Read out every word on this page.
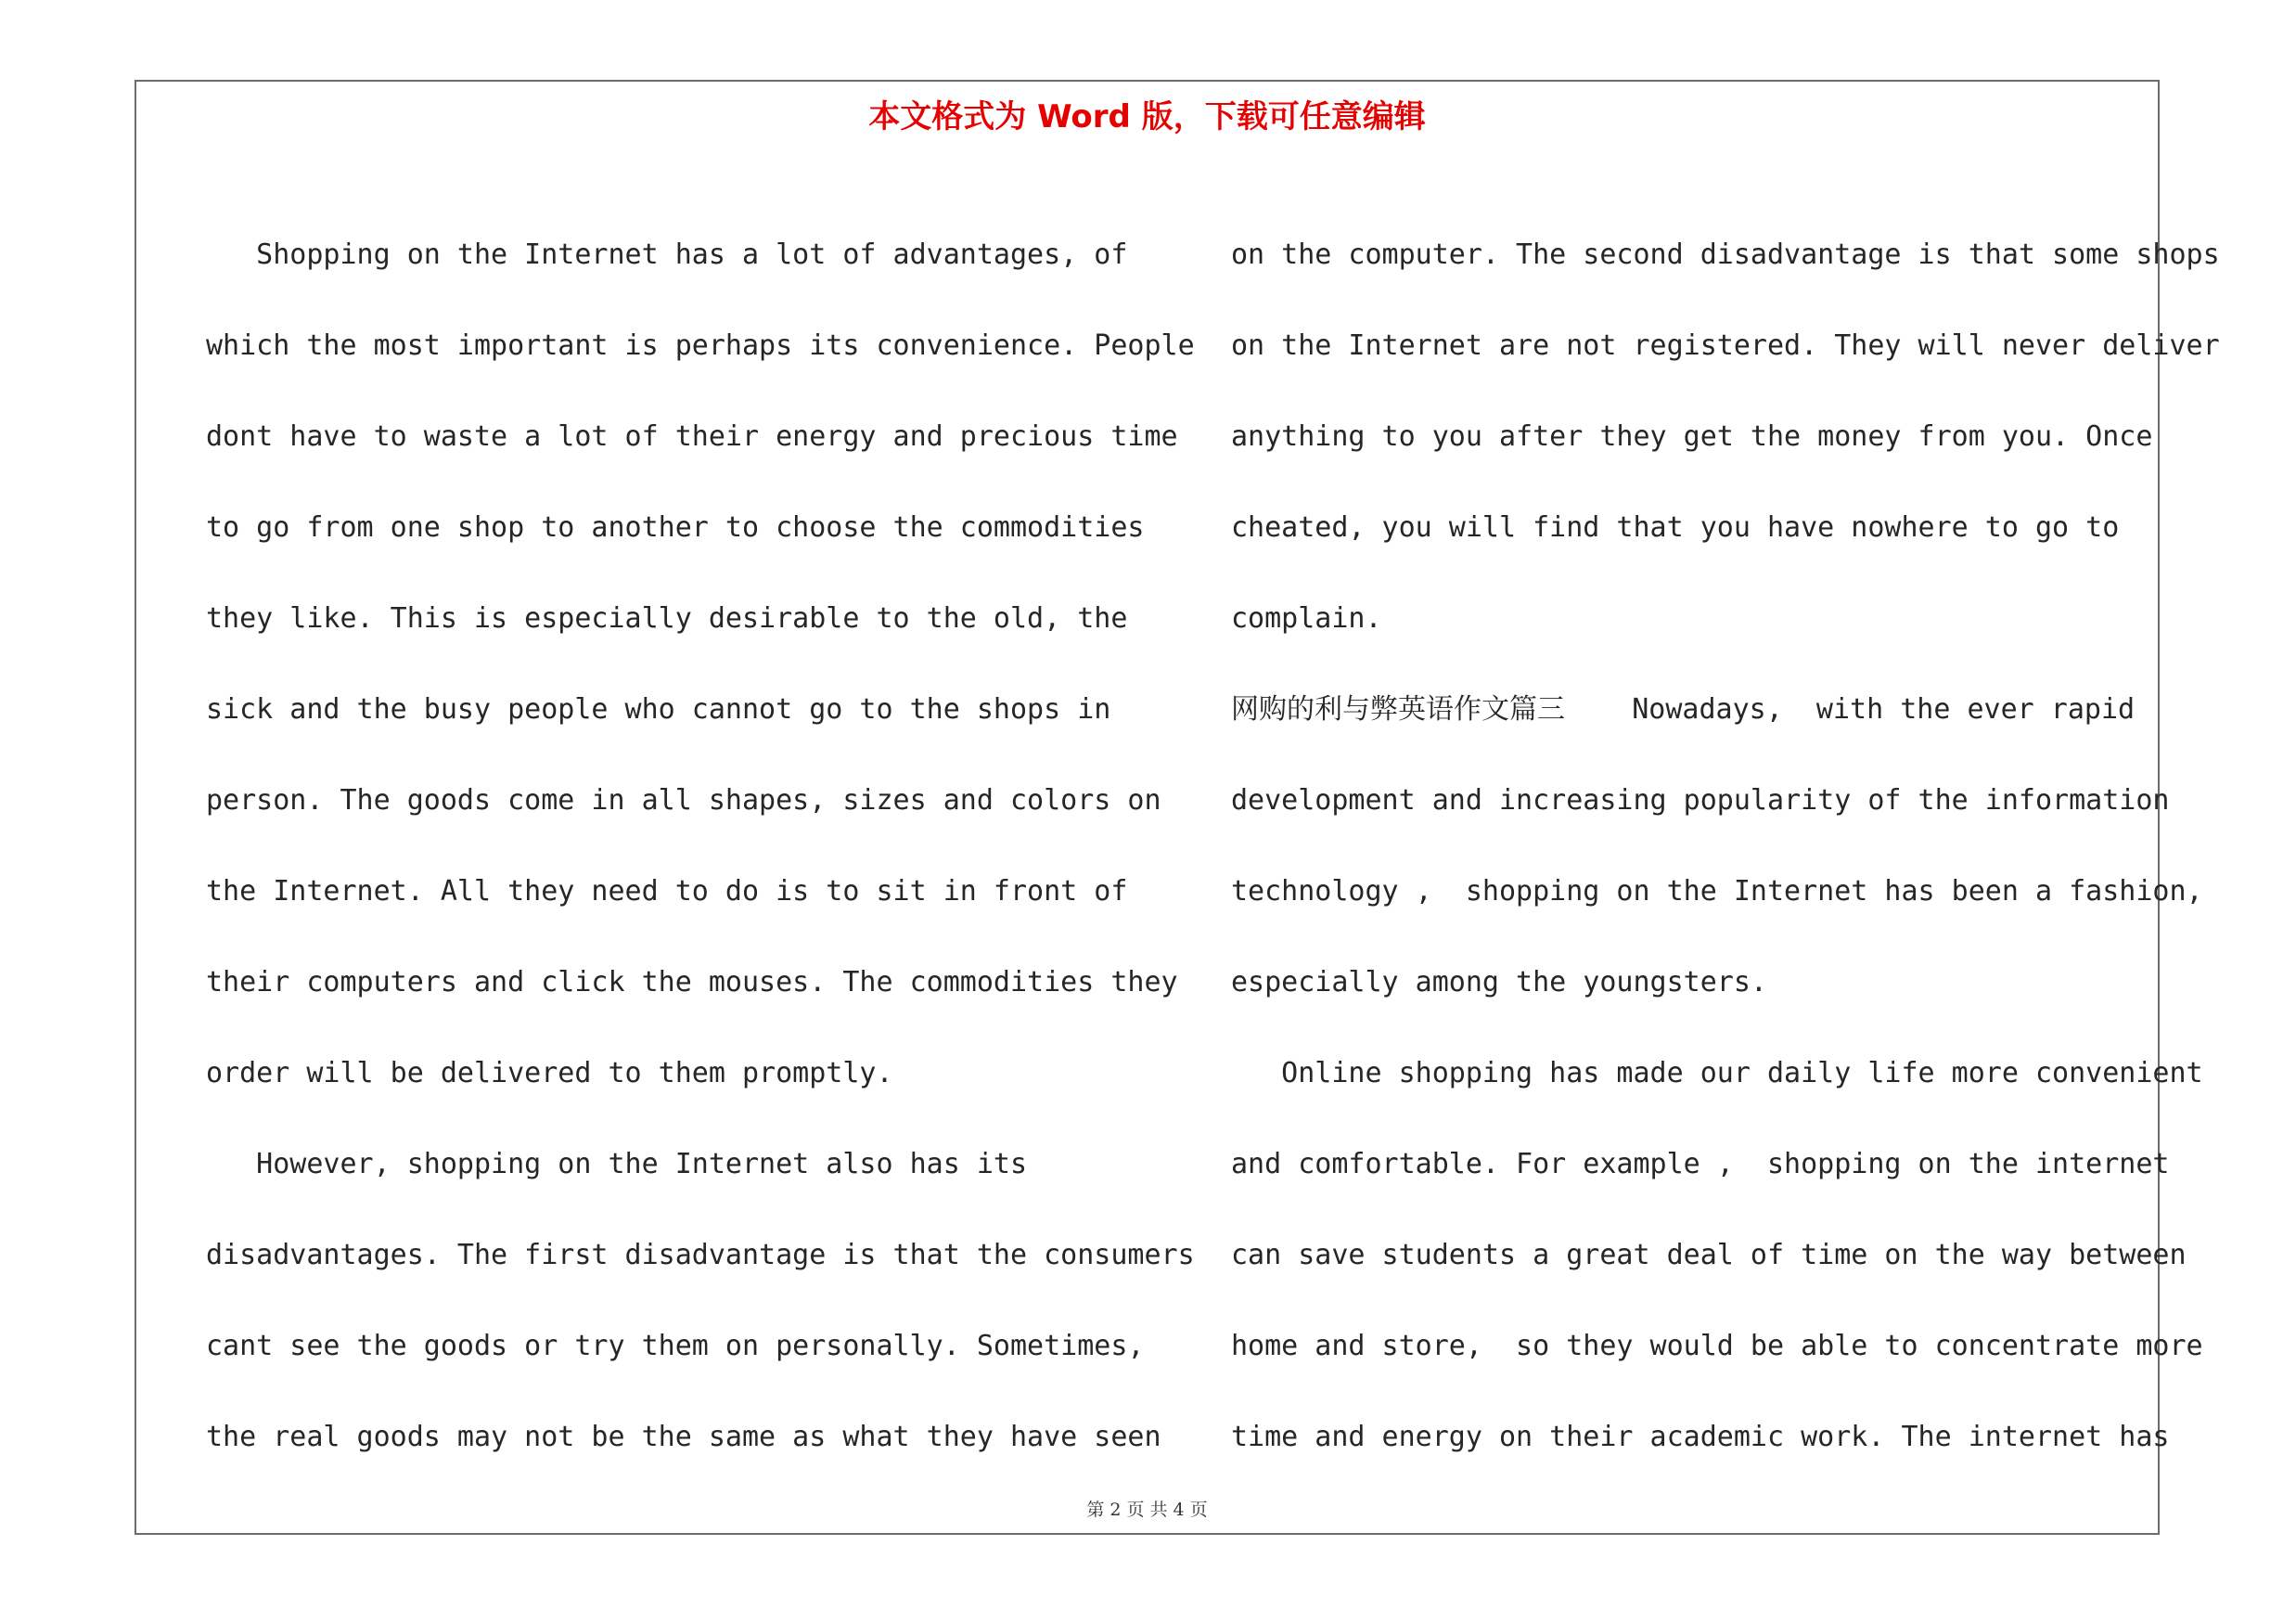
本文格式为 Word 版，下载可任意编辑
Shopping on the Internet has a lot of advantages, of
which the most important is perhaps its convenience. People
dont have to waste a lot of their energy and precious time
to go from one shop to another to choose the commodities
they like. This is especially desirable to the old, the
sick and the busy people who cannot go to the shops in
person. The goods come in all shapes, sizes and colors on
the Internet. All they need to do is to sit in front of
their computers and click the mouses. The commodities they
order will be delivered to them promptly.
However, shopping on the Internet also has its
disadvantages. The first disadvantage is that the consumers
cant see the goods or try them on personally. Sometimes,
the real goods may not be the same as what they have seen
on the computer. The second disadvantage is that some shops
on the Internet are not registered. They will never deliver
anything to you after they get the money from you. Once
cheated, you will find that you have nowhere to go to
complain.
网购的利与弊英语作文篇三    Nowadays,  with the ever rapid
development and increasing popularity of the information
technology ,  shopping on the Internet has been a fashion,
especially among the youngsters.
Online shopping has made our daily life more convenient
and comfortable. For example ,  shopping on the internet
can save students a great deal of time on the way between
home and store,  so they would be able to concentrate more
time and energy on their academic work. The internet has
第 2 页 共 4 页
